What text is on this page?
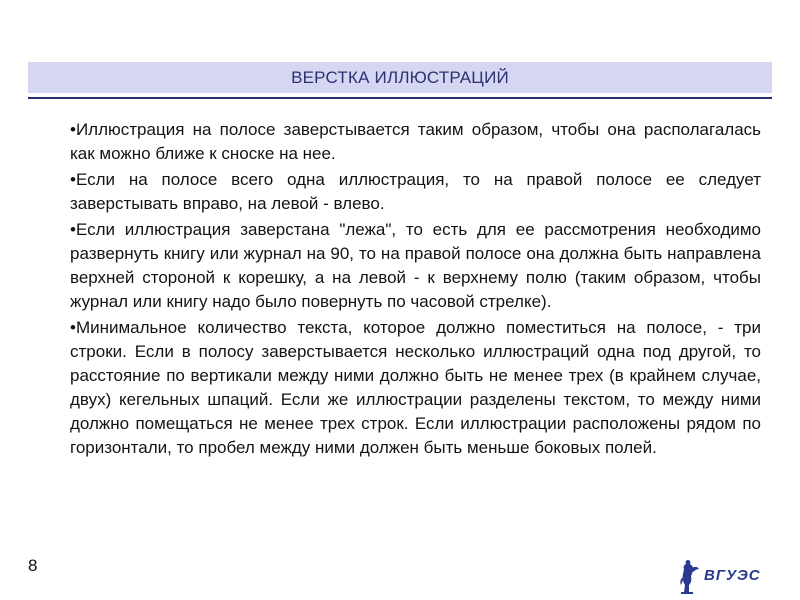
ВЕРСТКА ИЛЛЮСТРАЦИЙ

•Иллюстрация на полосе заверстывается таким образом, чтобы она располагалась как можно ближе к сноске на нее.

•Если на полосе всего одна иллюстрация, то на правой полосе ее следует заверстывать вправо, на левой - влево.

•Если иллюстрация заверстана "лежа", то есть для ее рассмотрения необходимо развернуть книгу или журнал на 90, то на правой полосе она должна быть направлена верхней стороной к корешку, а на левой - к верхнему полю (таким образом, чтобы журнал или книгу надо было повернуть по часовой стрелке).

•Минимальное количество текста, которое должно поместиться на полосе, - три строки. Если в полосу заверстывается несколько иллюстраций одна под другой, то расстояние по вертикали между ними должно быть не менее трех (в крайнем случае, двух) кегельных шпаций. Если же иллюстрации разделены текстом, то между ними должно помещаться не менее трех строк. Если иллюстрации расположены рядом по горизонтали, то пробел между ними должен быть меньше боковых полей.

8
ВГУЭС
